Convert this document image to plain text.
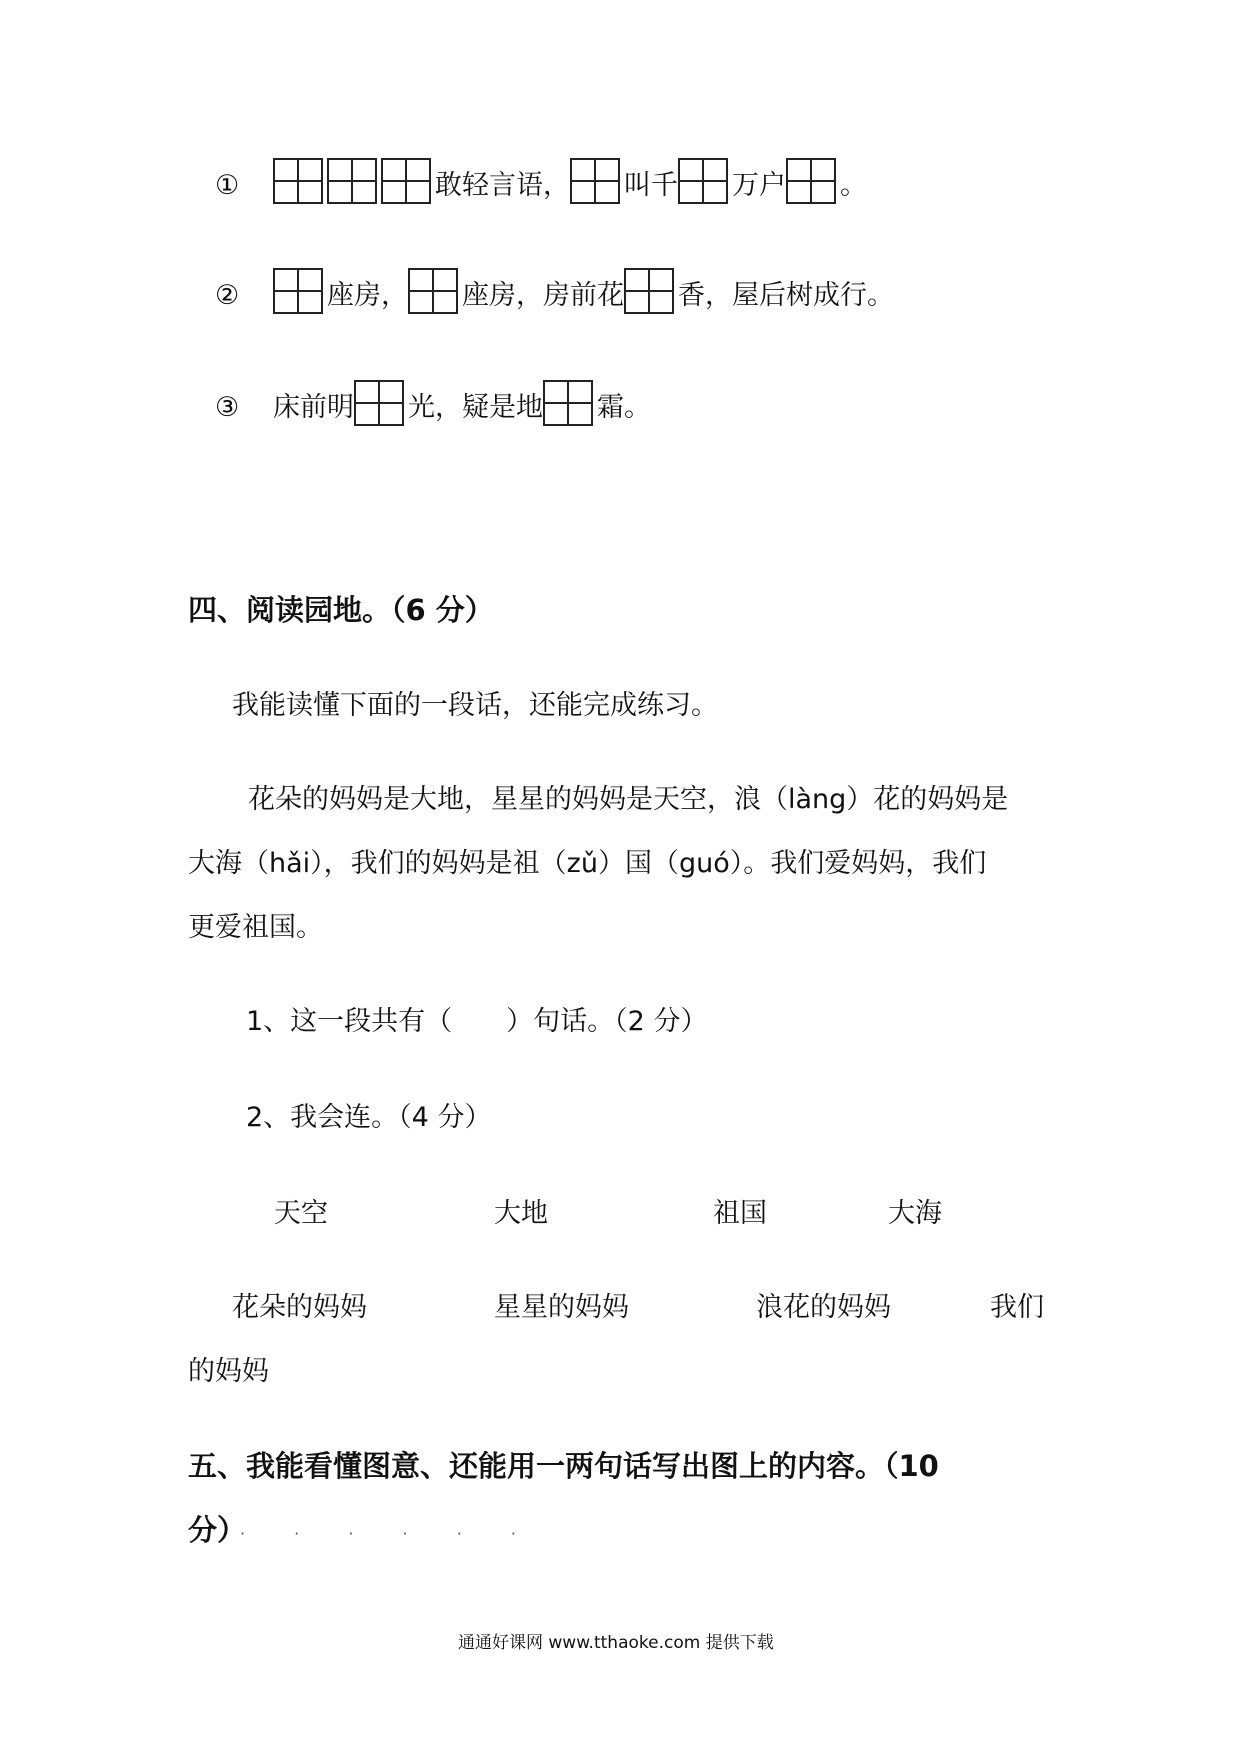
①	敢轻言语， 叫千 万户 。
②	座房， 座房，房前花 香，屋后树成行。
③	床前明 光，疑是地 霜。
四、阅读园地。（6 分）
我能读懂下面的一段话，还能完成练习。
花朵的妈妈是大地，星星的妈妈是天空，浪（làng）花的妈妈是
大海（hǎi），我们的妈妈是祖（zǔ）国（guó）。我们爱妈妈，我们
更爱祖国。
1、这一段共有（　　）句话。（2 分）
2、我会连。（4 分）
天空	大地	祖国	大海
花朵的妈妈	星星的妈妈	浪花的妈妈	我们
的妈妈
五、我能看懂图意、还能用一两句话写出图上的内容。（10
分）
· · · · · ·
通通好课网 www.tthaoke.com 提供下载
